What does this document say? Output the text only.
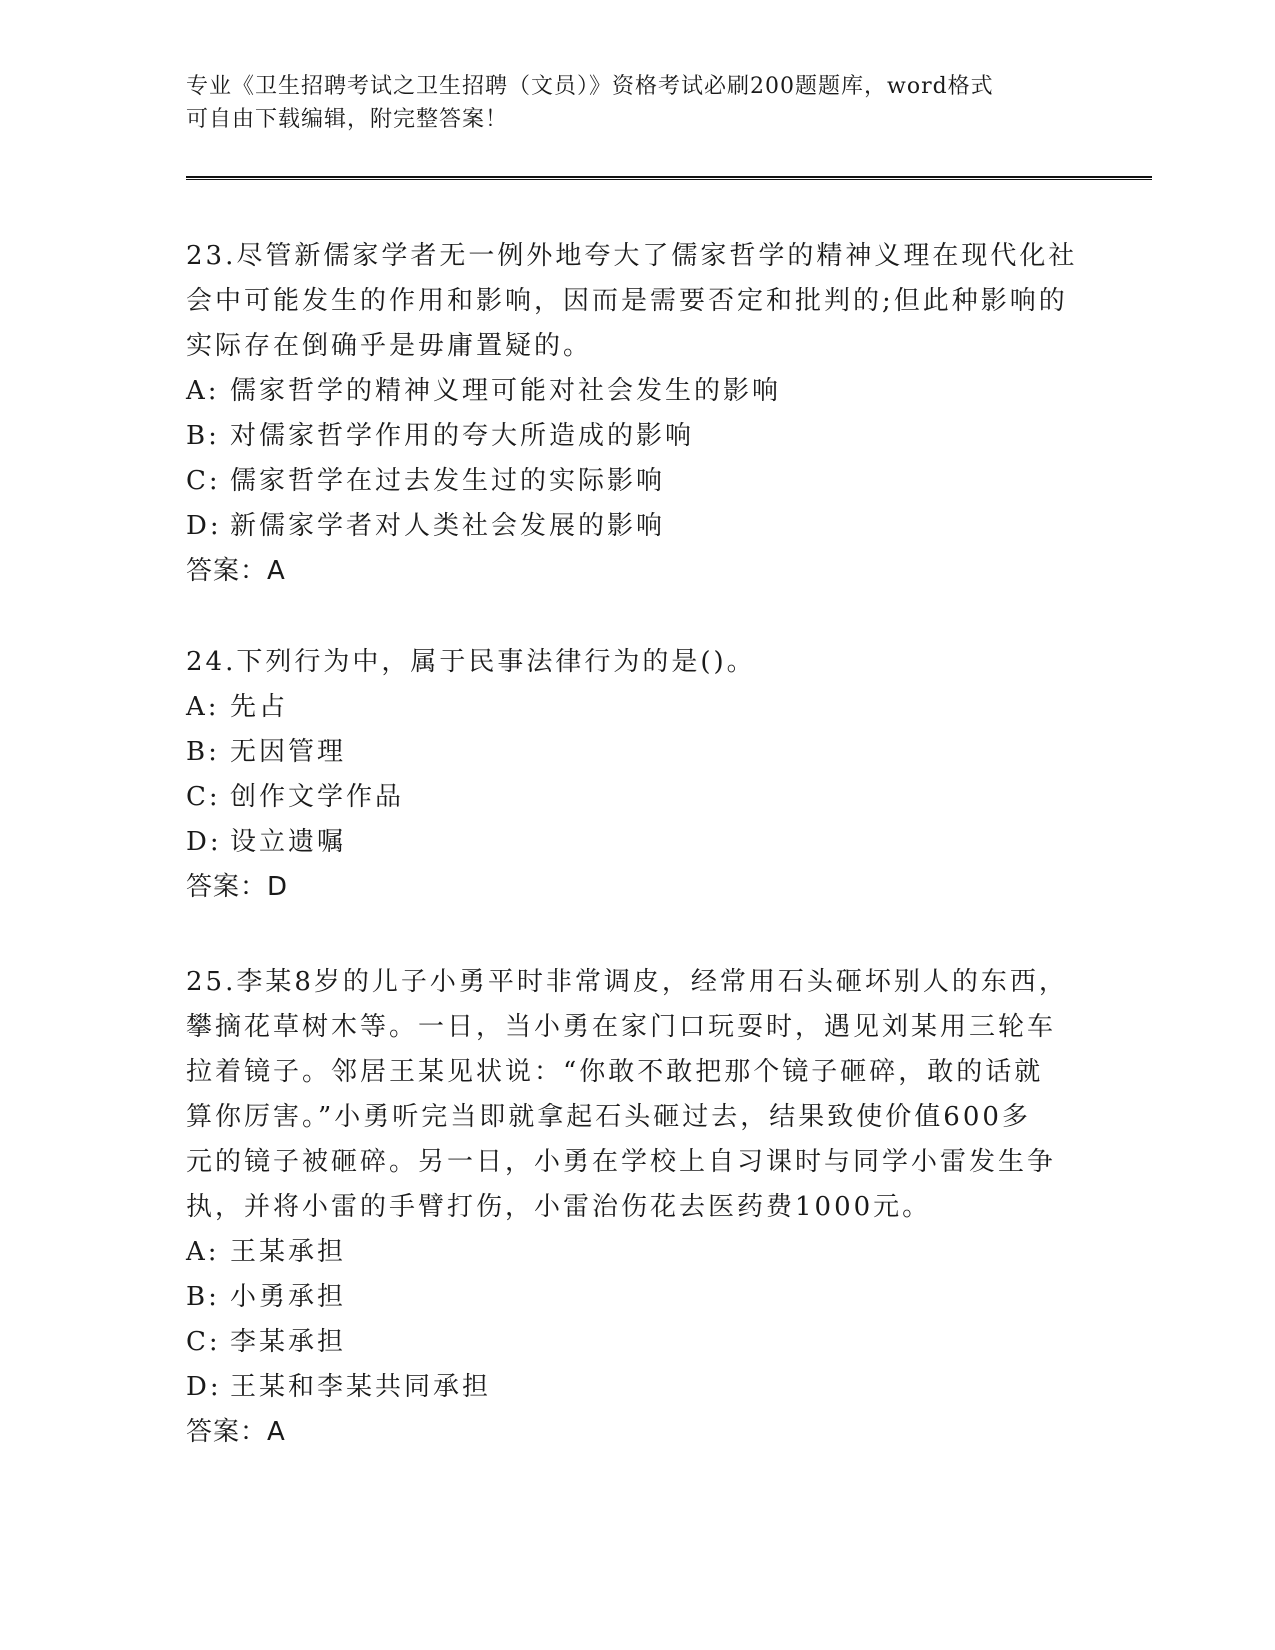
专业《卫生招聘考试之卫生招聘（文员）》资格考试必刷200题题库，word格式
可自由下载编辑，附完整答案！

23.尽管新儒家学者无一例外地夸大了儒家哲学的精神义理在现代化社

会中可能发生的作用和影响，因而是需要否定和批判的;但此种影响的

实际存在倒确乎是毋庸置疑的。

A: 儒家哲学的精神义理可能对社会发生的影响

B: 对儒家哲学作用的夸大所造成的影响

C: 儒家哲学在过去发生过的实际影响

D: 新儒家学者对人类社会发展的影响

答案：A

24.下列行为中，属于民事法律行为的是()。

A: 先占

B: 无因管理

C: 创作文学作品

D: 设立遗嘱

答案：D

25.李某8岁的儿子小勇平时非常调皮，经常用石头砸坏别人的东西，

攀摘花草树木等。一日，当小勇在家门口玩耍时，遇见刘某用三轮车

拉着镜子。邻居王某见状说：“你敢不敢把那个镜子砸碎，敢的话就

算你厉害。”小勇听完当即就拿起石头砸过去，结果致使价值600多

元的镜子被砸碎。另一日，小勇在学校上自习课时与同学小雷发生争

执，并将小雷的手臂打伤，小雷治伤花去医药费1000元。

A: 王某承担

B: 小勇承担

C: 李某承担

D: 王某和李某共同承担

答案：A
